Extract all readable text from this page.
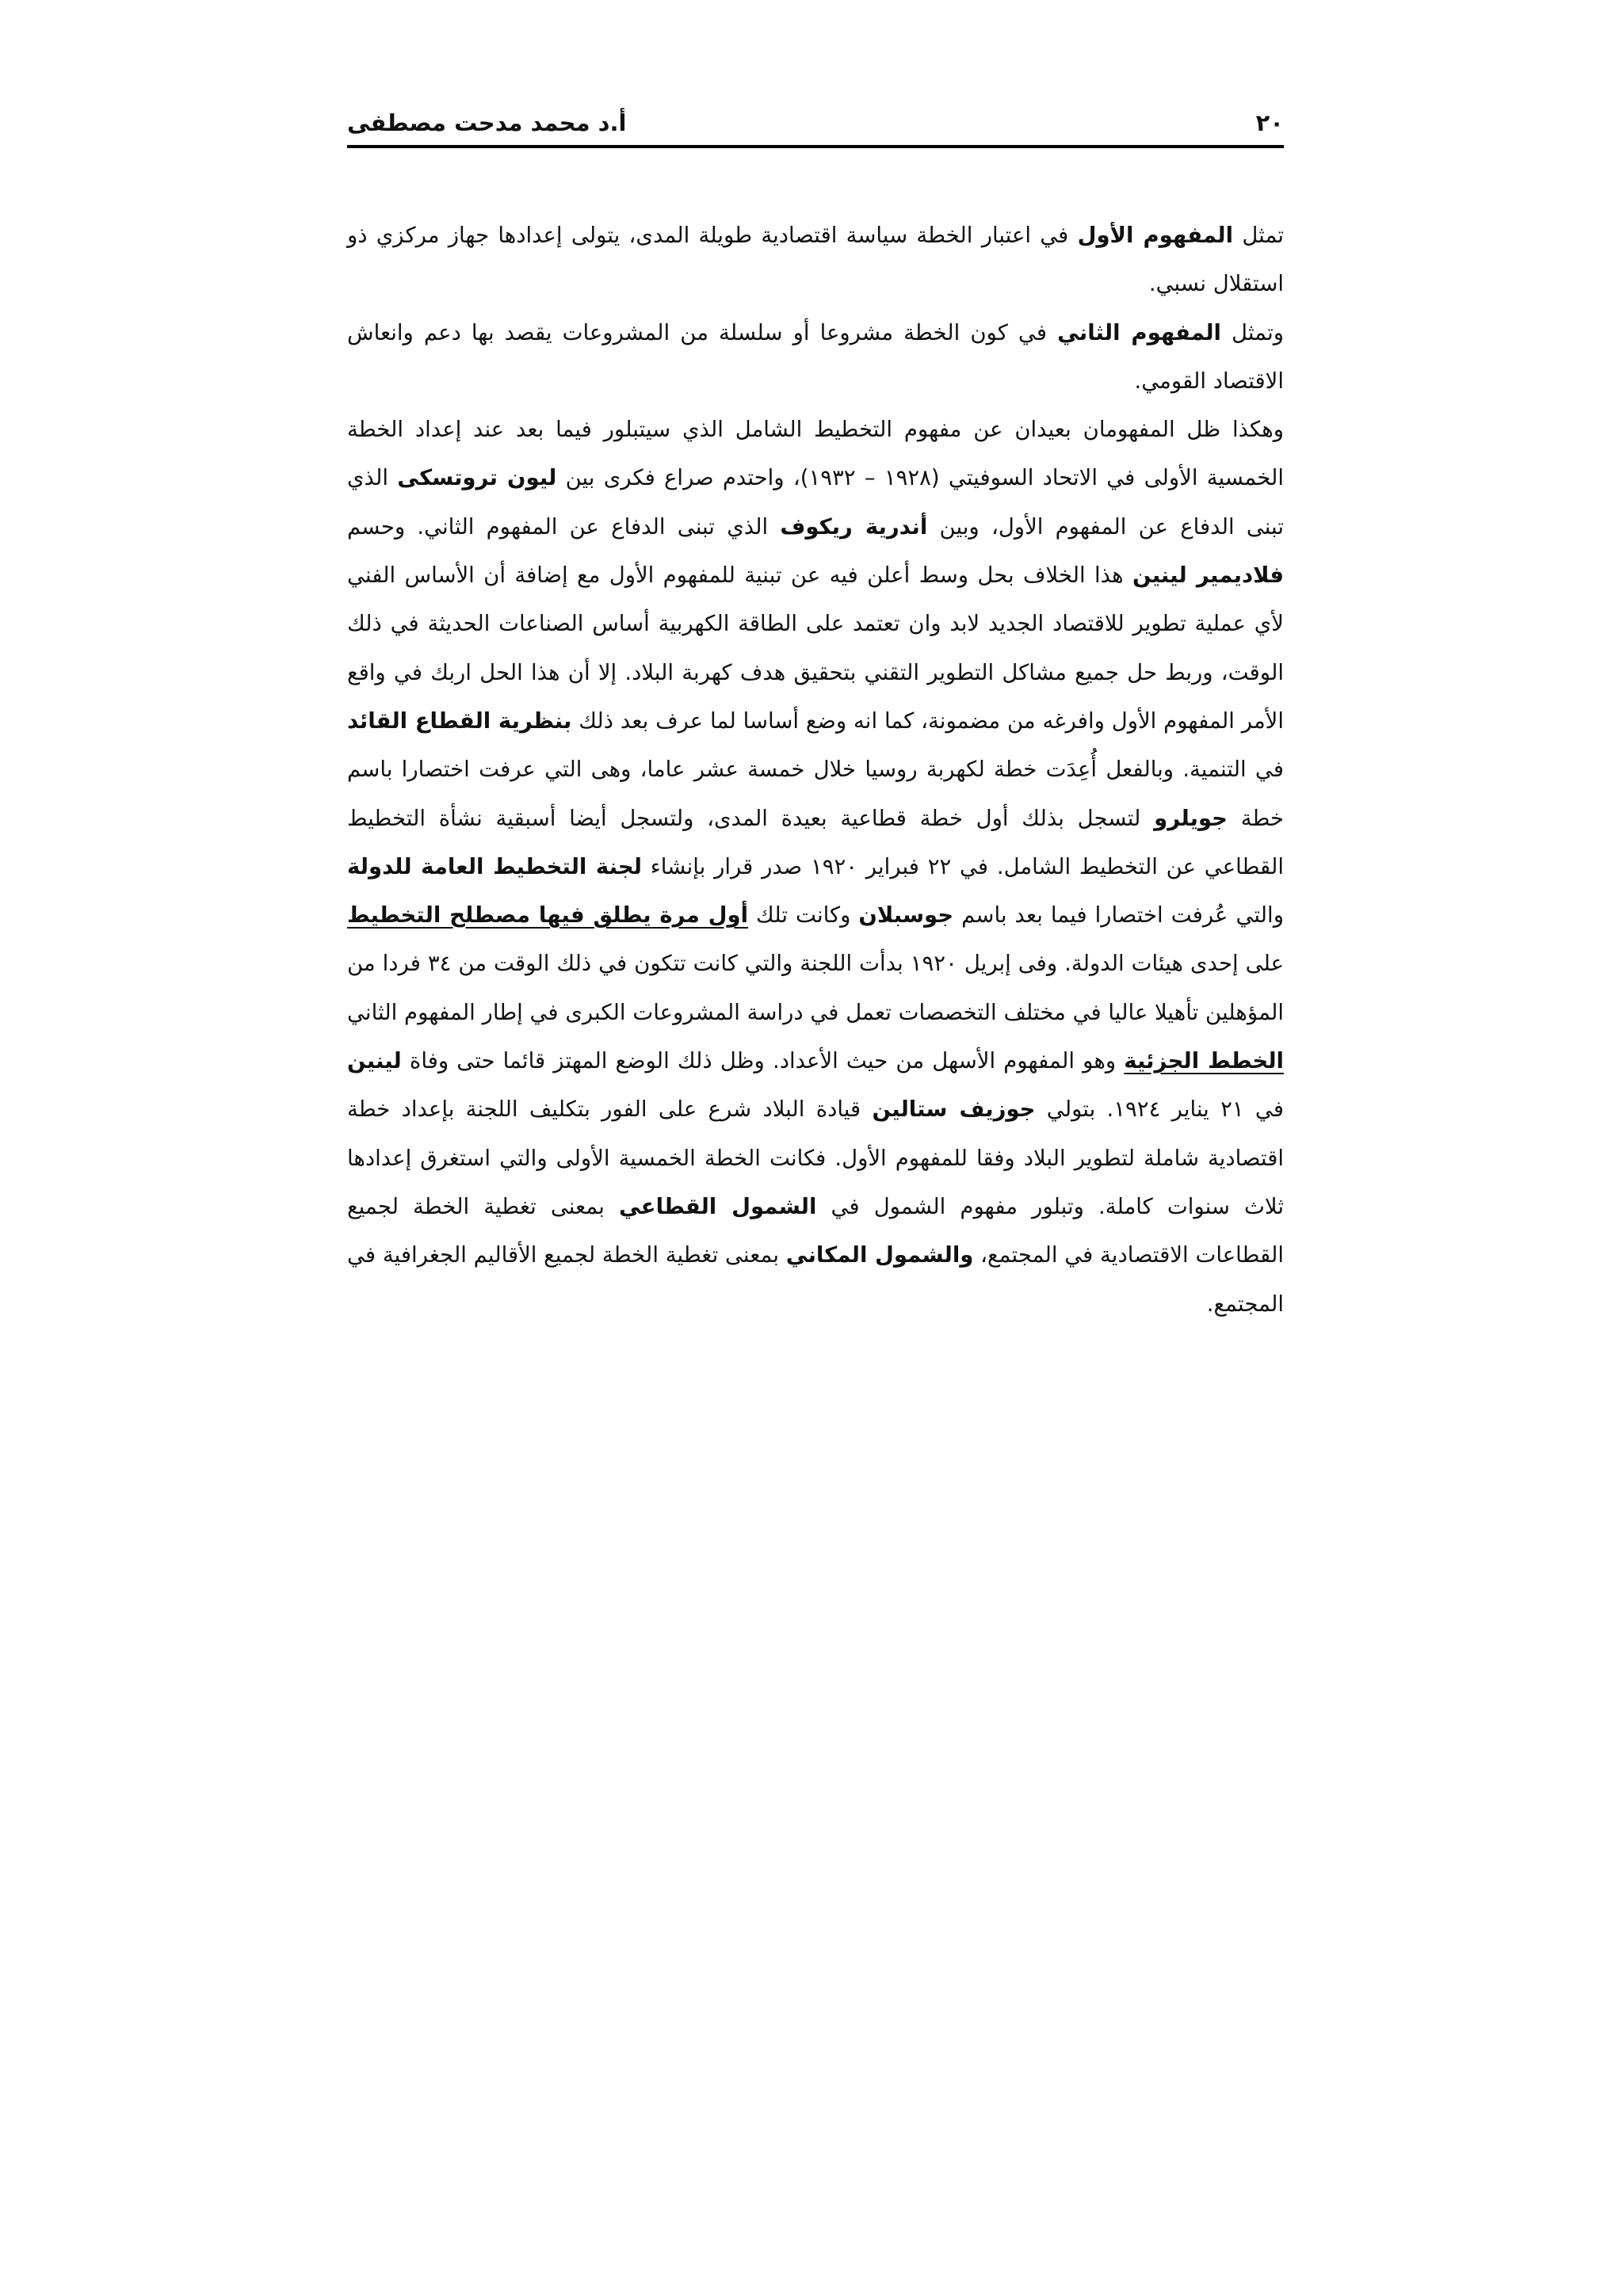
٢٠
أ.د محمد مدحت مصطفى

تمثل المفهوم الأول في اعتبار الخطة سياسة اقتصادية طويلة المدى، يتولى إعدادها جهاز مركزي ذو استقلال نسبي.

وتمثل المفهوم الثاني في كون الخطة مشروعا أو سلسلة من المشروعات يقصد بها دعم وانعاش الاقتصاد القومي.

وهكذا ظل المفهومان بعيدان عن مفهوم التخطيط الشامل الذي سيتبلور فيما بعد عند إعداد الخطة الخمسية الأولى في الاتحاد السوفيتي (١٩٢٨ – ١٩٣٢)، واحتدم صراع فكرى بين ليون تروتسكى الذي تبنى الدفاع عن المفهوم الأول، وبين أندرية ريكوف الذي تبنى الدفاع عن المفهوم الثاني. وحسم فلاديمير لينين هذا الخلاف بحل وسط أعلن فيه عن تبنية للمفهوم الأول مع إضافة أن الأساس الفني لأي عملية تطوير للاقتصاد الجديد لابد وان تعتمد على الطاقة الكهربية أساس الصناعات الحديثة في ذلك الوقت، وربط حل جميع مشاكل التطوير التقني بتحقيق هدف كهربة البلاد. إلا أن هذا الحل اربك في واقع الأمر المفهوم الأول وافرغه من مضمونة، كما انه وضع أساسا لما عرف بعد ذلك بنظرية القطاع القائد في التنمية. وبالفعل أُعِدَت خطة لكهربة روسيا خلال خمسة عشر عاما، وهى التي عرفت اختصارا باسم خطة جويلرو لتسجل بذلك أول خطة قطاعية بعيدة المدى، ولتسجل أيضا أسبقية نشأة التخطيط القطاعي عن التخطيط الشامل. في ٢٢ فبراير ١٩٢٠ صدر قرار بإنشاء لجنة التخطيط العامة للدولة والتي عُرفت اختصارا فيما بعد باسم جوسبلان وكانت تلك أول مرة يطلق فيها مصطلح التخطيط على إحدى هيئات الدولة. وفى إبريل ١٩٢٠ بدأت اللجنة والتي كانت تتكون في ذلك الوقت من ٣٤ فردا من المؤهلين تأهيلا عاليا في مختلف التخصصات تعمل في دراسة المشروعات الكبرى في إطار المفهوم الثاني الخطط الجزئية وهو المفهوم الأسهل من حيث الأعداد. وظل ذلك الوضع المهتز قائما حتى وفاة لينين في ٢١ يناير ١٩٢٤. بتولي جوزيف ستالين قيادة البلاد شرع على الفور بتكليف اللجنة بإعداد خطة اقتصادية شاملة لتطوير البلاد وفقا للمفهوم الأول. فكانت الخطة الخمسية الأولى والتي استغرق إعدادها ثلاث سنوات كاملة. وتبلور مفهوم الشمول في الشمول القطاعي بمعنى تغطية الخطة لجميع القطاعات الاقتصادية في المجتمع، والشمول المكاني بمعنى تغطية الخطة لجميع الأقاليم الجغرافية في المجتمع.
